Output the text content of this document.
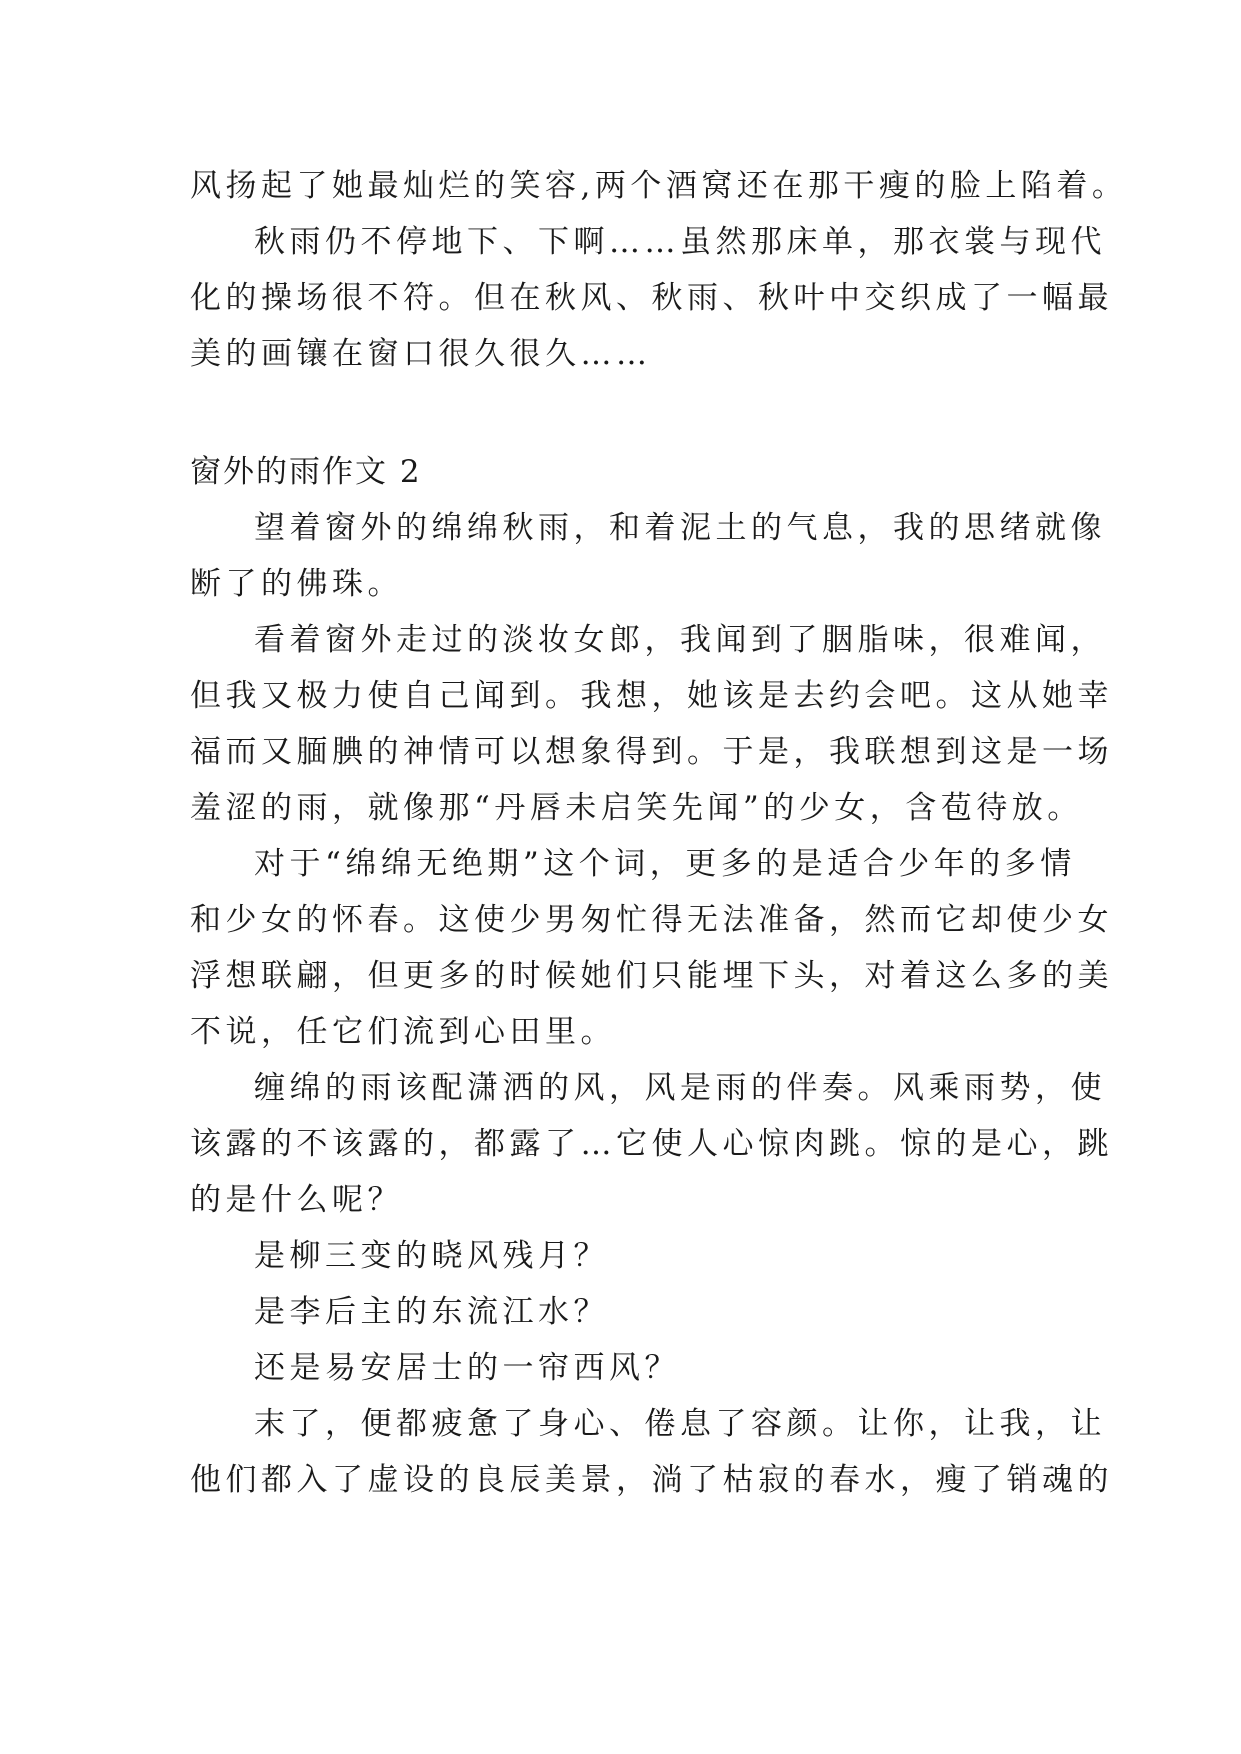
风扬起了她最灿烂的笑容,两个酒窝还在那干瘦的脸上陷着。
秋雨仍不停地下、下啊……虽然那床单，那衣裳与现代
化的操场很不符。但在秋风、秋雨、秋叶中交织成了一幅最
美的画镶在窗口很久很久……
窗外的雨作文 2
望着窗外的绵绵秋雨，和着泥土的气息，我的思绪就像
断了的佛珠。
看着窗外走过的淡妆女郎，我闻到了胭脂味，很难闻，
但我又极力使自己闻到。我想，她该是去约会吧。这从她幸
福而又腼腆的神情可以想象得到。于是，我联想到这是一场
羞涩的雨，就像那“丹唇未启笑先闻”的少女，含苞待放。
对于“绵绵无绝期”这个词，更多的是适合少年的多情
和少女的怀春。这使少男匆忙得无法准备，然而它却使少女
浮想联翩，但更多的时候她们只能埋下头，对着这么多的美
不说，任它们流到心田里。
缠绵的雨该配潇洒的风，风是雨的伴奏。风乘雨势，使
该露的不该露的，都露了…它使人心惊肉跳。惊的是心，跳
的是什么呢？
是柳三变的晓风残月？
是李后主的东流江水？
还是易安居士的一帘西风？
末了，便都疲惫了身心、倦息了容颜。让你，让我，让
他们都入了虚设的良辰美景，淌了枯寂的春水，瘦了销魂的
